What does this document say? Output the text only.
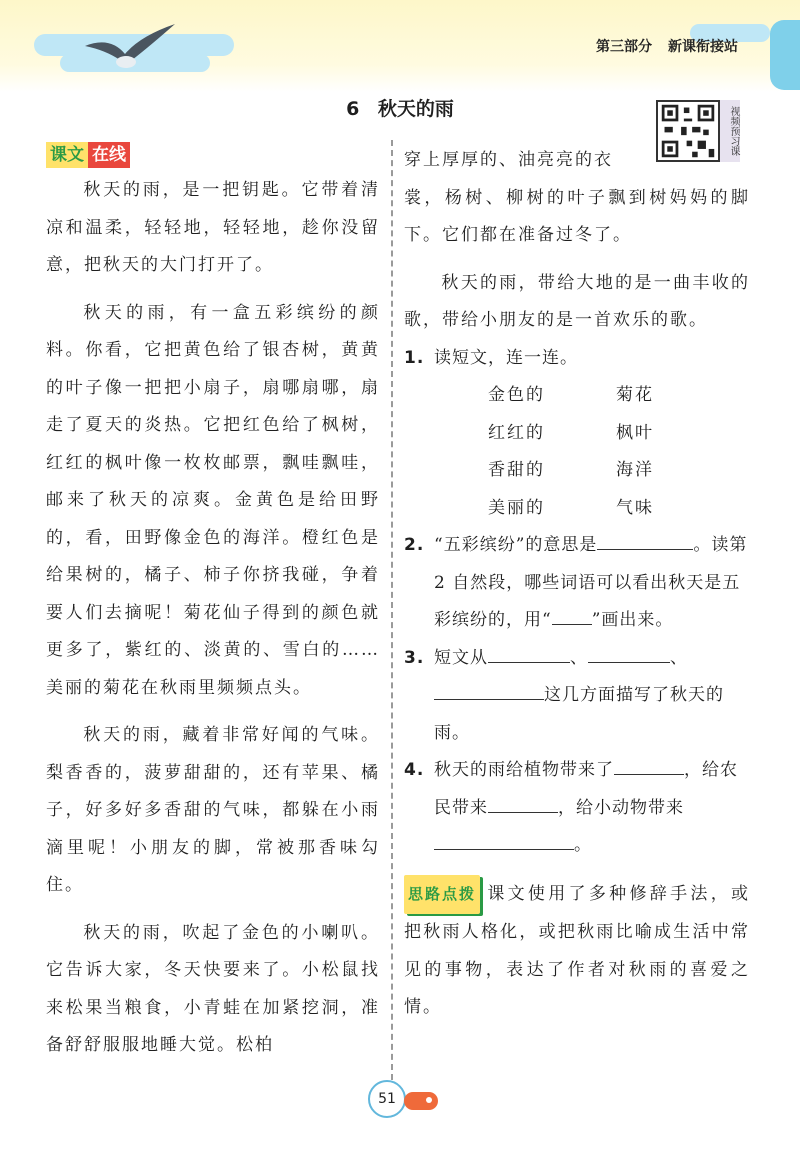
第三部分 新课衔接站
6 秋天的雨	视频预习课
课文 在线

秋天的雨，是一把钥匙。它带着清凉和温柔，轻轻地，轻轻地，趁你没留意，把秋天的大门打开了。

秋天的雨，有一盒五彩缤纷的颜料。你看，它把黄色给了银杏树，黄黄的叶子像一把把小扇子，扇哪扇哪，扇走了夏天的炎热。它把红色给了枫树，红红的枫叶像一枚枚邮票，飘哇飘哇，邮来了秋天的凉爽。金黄色是给田野的，看，田野像金色的海洋。橙红色是给果树的，橘子、柿子你挤我碰，争着要人们去摘呢！菊花仙子得到的颜色就更多了，紫红的、淡黄的、雪白的……美丽的菊花在秋雨里频频点头。

秋天的雨，藏着非常好闻的气味。梨香香的，菠萝甜甜的，还有苹果、橘子，好多好多香甜的气味，都躲在小雨滴里呢！小朋友的脚，常被那香味勾住。

秋天的雨，吹起了金色的小喇叭。它告诉大家，冬天快要来了。小松鼠找来松果当粮食，小青蛙在加紧挖洞，准备舒舒服服地睡大觉。松柏

穿上厚厚的、油亮亮的衣

裳，杨树、柳树的叶子飘到树妈妈的脚下。它们都在准备过冬了。

秋天的雨，带给大地的是一曲丰收的歌，带给小朋友的是一首欢乐的歌。

1. 读短文，连一连。
金色的	菊花
红红的	枫叶
香甜的	海洋
美丽的	气味
2. “五彩缤纷”的意思是	。读第 2 自然段，哪些词语可以看出秋天是五彩缤纷的，用“ ”画出来。
3. 短文从	、	、这几方面描写了秋天的雨。
4. 秋天的雨给植物带来了	，给农民带来	，给小动物带来。

思路点拨 课文使用了多种修辞手法，或把秋雨人格化，或把秋雨比喻成生活中常见的事物，表达了作者对秋雨的喜爱之情。

51
